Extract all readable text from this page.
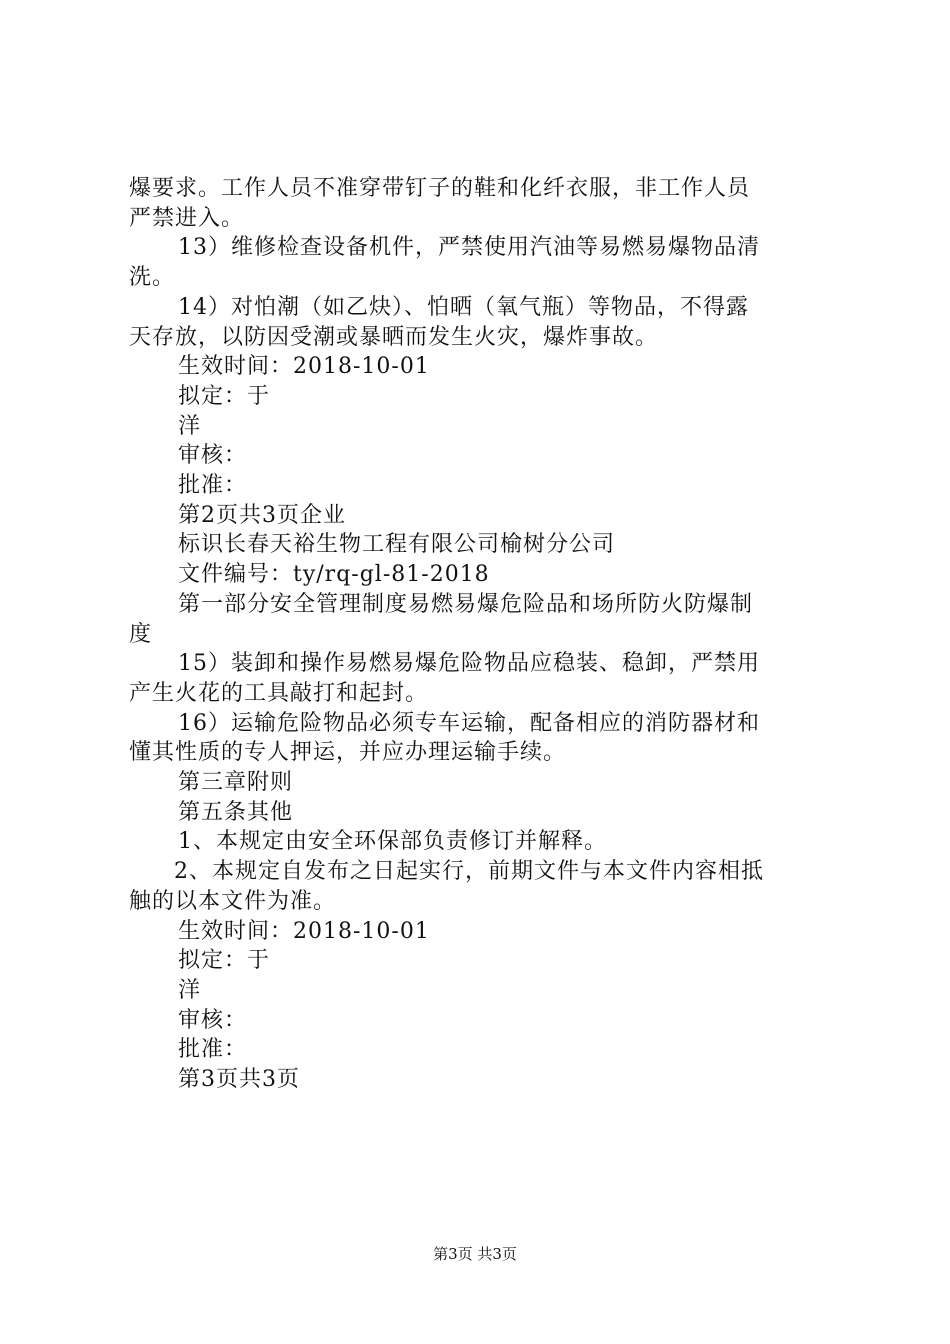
爆要求。工作人员不准穿带钉子的鞋和化纤衣服，非工作人员
严禁进入。
13）维修检查设备机件，严禁使用汽油等易燃易爆物品清
洗。
14）对怕潮（如乙炔）、怕晒（氧气瓶）等物品，不得露
天存放，以防因受潮或暴晒而发生火灾，爆炸事故。
生效时间：2018-10-01
拟定：于
洋
审核：
批准：
第2页共3页企业
标识长春天裕生物工程有限公司榆树分公司
文件编号：ty/rq-gl-81-2018
第一部分安全管理制度易燃易爆危险品和场所防火防爆制
度
15）装卸和操作易燃易爆危险物品应稳装、稳卸，严禁用
产生火花的工具敲打和起封。
16）运输危险物品必须专车运输，配备相应的消防器材和
懂其性质的专人押运，并应办理运输手续。
第三章附则
第五条其他
1、本规定由安全环保部负责修订并解释。
2、本规定自发布之日起实行，前期文件与本文件内容相抵
触的以本文件为准。
生效时间：2018-10-01
拟定：于
洋
审核：
批准：
第3页共3页
第3页 共3页
